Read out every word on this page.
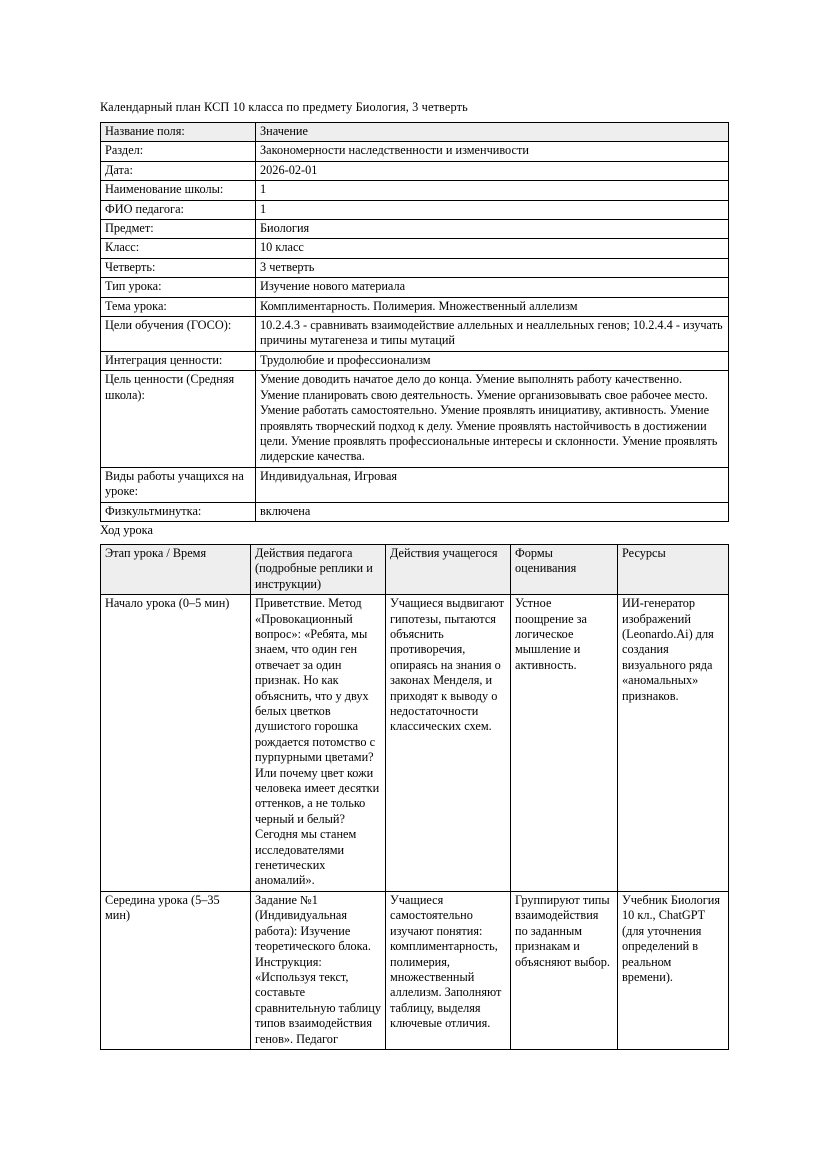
Календарный план КСП 10 класса по предмету Биология, 3 четверть
Название поля:	Значение
Раздел:	Закономерности наследственности и изменчивости
Дата:	2026-02-01
Наименование школы:	1
ФИО педагога:	1
Предмет:	Биология
Класс:	10 класс
Четверть:	3 четверть
Тип урока:	Изучение нового материала
Тема урока:	Комплиментарность. Полимерия. Множественный аллелизм
Цели обучения (ГОСО):	10.2.4.3 - сравнивать взаимодействие аллельных и неаллельных генов; 10.2.4.4 - изучать причины мутагенеза и типы мутаций
Интеграция ценности:	Трудолюбие и профессионализм
Цель ценности (Средняя школа):	Умение доводить начатое дело до конца. Умение выполнять работу качественно. Умение планировать свою деятельность. Умение организовывать свое рабочее место. Умение работать самостоятельно. Умение проявлять инициативу, активность. Умение проявлять творческий подход к делу. Умение проявлять настойчивость в достижении цели. Умение проявлять профессиональные интересы и склонности. Умение проявлять лидерские качества.
Виды работы учащихся на уроке:	Индивидуальная, Игровая
Физкультминутка:	включена
Ход урока
Этап урока / Время	Действия педагога (подробные реплики и инструкции)	Действия учащегося	Формы оценивания	Ресурсы
Начало урока (0–5 мин)	Приветствие. Метод «Провокационный вопрос»: «Ребята, мы знаем, что один ген отвечает за один признак. Но как объяснить, что у двух белых цветков душистого горошка рождается потомство с пурпурными цветами? Или почему цвет кожи человека имеет десятки оттенков, а не только черный и белый? Сегодня мы станем исследователями генетических аномалий».	Учащиеся выдвигают гипотезы, пытаются объяснить противоречия, опираясь на знания о законах Менделя, и приходят к выводу о недостаточности классических схем.	Устное поощрение за логическое мышление и активность.	ИИ-генератор изображений (Leonardo.Ai) для создания визуального ряда «аномальных» признаков.
Середина урока (5–35 мин)	Задание №1 (Индивидуальная работа): Изучение теоретического блока. Инструкция: «Используя текст, составьте сравнительную таблицу типов взаимодействия генов». Педагог	Учащиеся самостоятельно изучают понятия: комплиментарность, полимерия, множественный аллелизм. Заполняют таблицу, выделяя ключевые отличия.	Группируют типы взаимодействия по заданным признакам и объясняют выбор.	Учебник Биология 10 кл., ChatGPT (для уточнения определений в реальном времени).
